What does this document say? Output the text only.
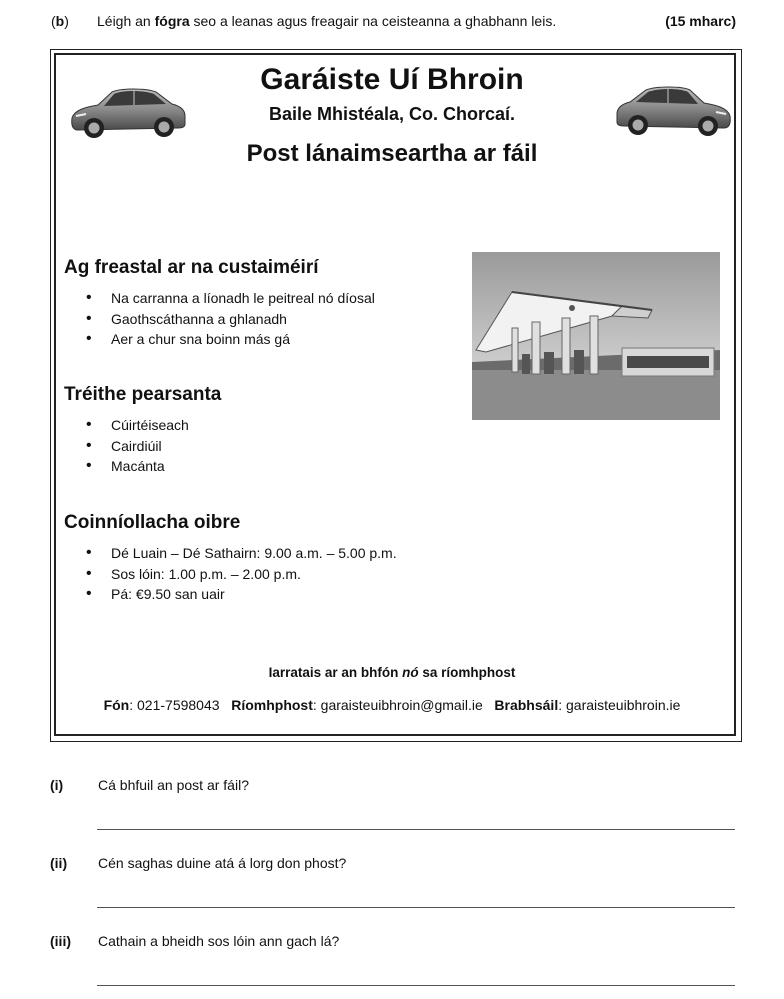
(b) Léigh an fógra seo a leanas agus freagair na ceisteanna a ghabhann leis.	(15 mharc)
Garáiste Uí Bhroin
Baile Mhistéala, Co. Chorcaí.
Post lánaimseartha ar fáil
Ag freastal ar na custaiméirí
• Na carranna a líonadh le peitreal nó díosal
• Gaothscáthanna a ghlanadh
• Aer a chur sna boinn más gá
Tréithe pearsanta
• Cúirtéiseach
• Cairdiúil
• Macánta
Coinníollacha oibre
• Dé Luain – Dé Sathairn: 9.00 a.m. – 5.00 p.m.
• Sos lóin: 1.00 p.m. – 2.00 p.m.
• Pá: €9.50 san uair
Iarratais ar an bhfón nó sa ríomhphost
Fón: 021-7598043 Ríomhphost: garaisteuibhroin@gmail.ie Brabhsáil: garaisteuibhroin.ie
(i) Cá bhfuil an post ar fáil?
(ii) Cén saghas duine atá á lorg don phost?
(iii) Cathain a bheidh sos lóin ann gach lá?
